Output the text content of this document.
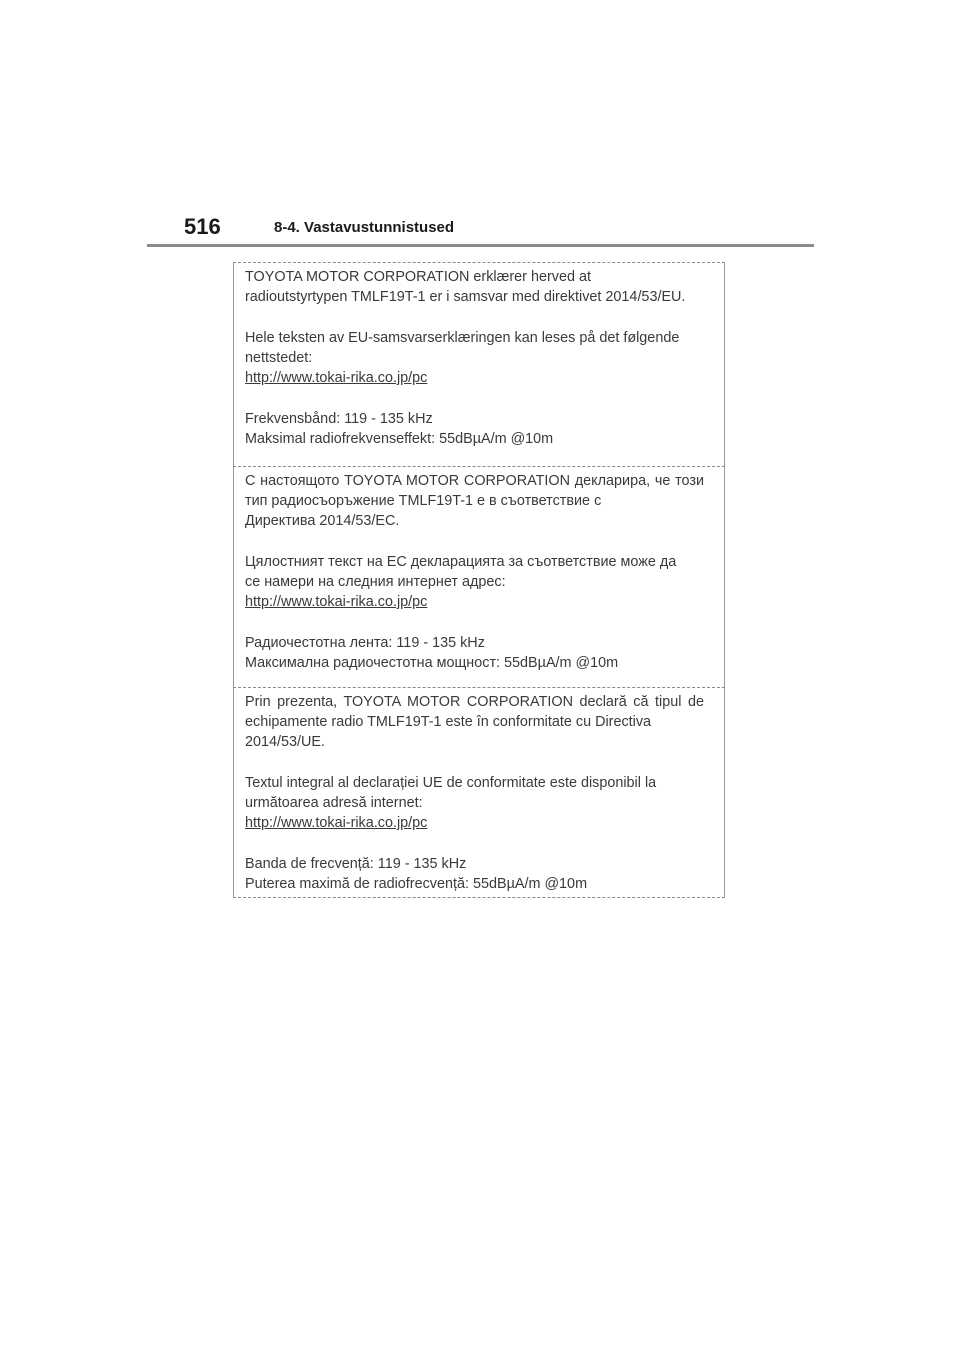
516	8-4. Vastavustunnistused

TOYOTA MOTOR CORPORATION erklærer herved at

radioutstyrtypen TMLF19T-1 er i samsvar med direktivet 2014/53/EU.

Hele teksten av EU-samsvarserklæringen kan leses på det følgende

nettstedet:

http://www.tokai-rika.co.jp/pc

Frekvensbånd: 119 - 135 kHz

Maksimal radiofrekvenseffekt: 55dBµA/m @10m

С настоящото TOYOTA MOTOR CORPORATION декларира, че този тип радиосъоръжение TMLF19T-1 е в съответствие с

Директива 2014/53/ЕС.

Цялостният текст на ЕС декларацията за съответствие може да

се намери на следния интернет адрес:

http://www.tokai-rika.co.jp/pc

Радиочестотна лента: 119 - 135 kHz

Максимална радиочестотна мощност: 55dBµA/m @10m

Prin prezenta, TOYOTA MOTOR CORPORATION declară că tipul de echipamente radio TMLF19T-1 este în conformitate cu Directiva

2014/53/UE.

Textul integral al declarației UE de conformitate este disponibil la

următoarea adresă internet:

http://www.tokai-rika.co.jp/pc

Banda de frecvență: 119 - 135 kHz

Puterea maximă de radiofrecvență: 55dBµA/m @10m
